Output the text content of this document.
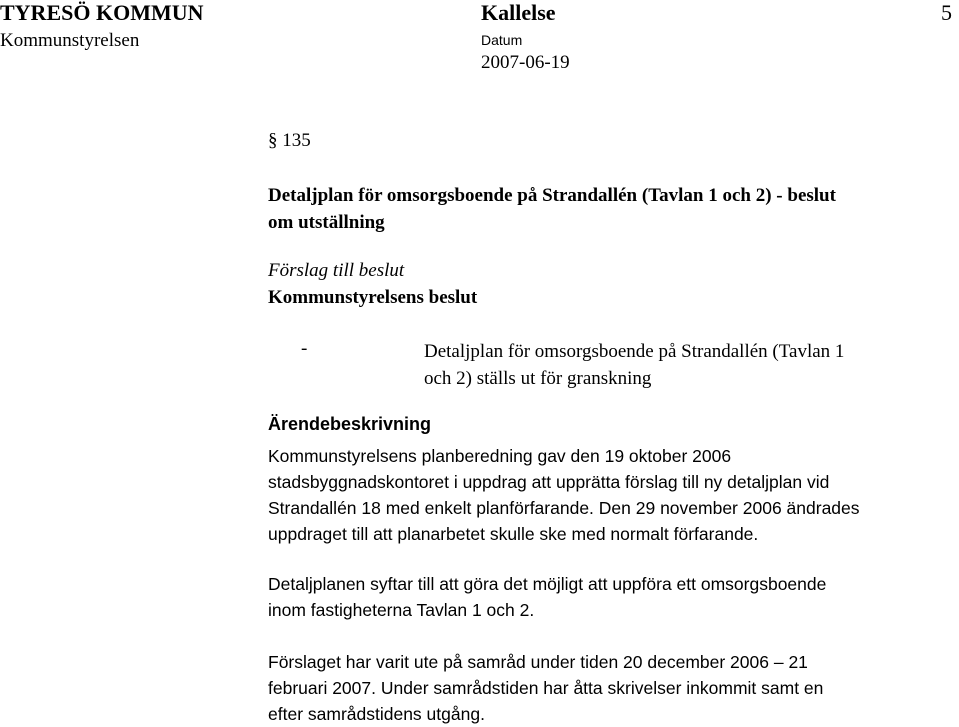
TYRESÖ KOMMUN
Kommunstyrelsen
Kallelse
Datum
2007-06-19
5
§ 135
Detaljplan för omsorgsboende på Strandallén (Tavlan 1 och 2) - beslut
om utställning
Förslag till beslut
Kommunstyrelsens beslut
-	Detaljplan för omsorgsboende på Strandallén (Tavlan 1
och 2) ställs ut för granskning
Ärendebeskrivning
Kommunstyrelsens planberedning gav den 19 oktober 2006
stadsbyggnadskontoret i uppdrag att upprätta förslag till ny detaljplan vid
Strandallén 18 med enkelt planförfarande. Den 29 november 2006 ändrades
uppdraget till att planarbetet skulle ske med normalt förfarande.
Detaljplanen syftar till att göra det möjligt att uppföra ett omsorgsboende
inom fastigheterna Tavlan 1 och 2.
Förslaget har varit ute på samråd under tiden 20 december 2006 – 21
februari 2007. Under samrådstiden har åtta skrivelser inkommit samt en
efter samrådstidens utgång.
